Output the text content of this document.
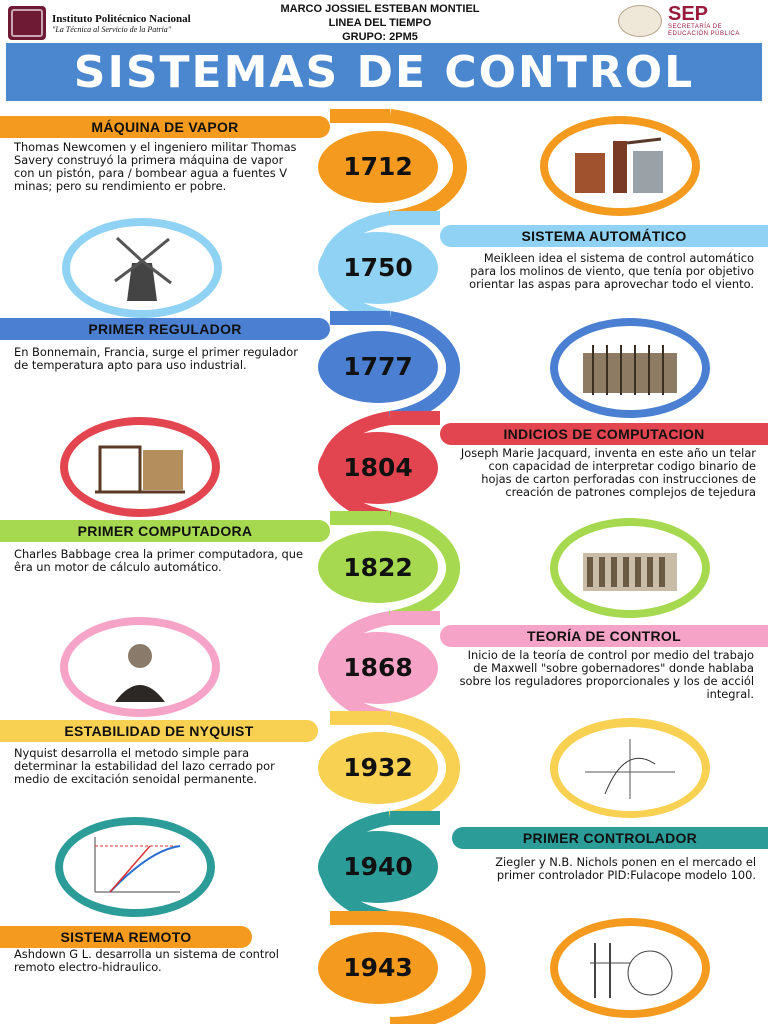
Instituto Politécnico Nacional
"La Técnica al Servicio de la Patria"
MARCO JOSSIEL ESTEBAN MONTIEL
LINEA DEL TIEMPO
GRUPO: 2PM5
SEP
SECRETARÍA DE
EDUCACIÓN PÚBLICA
SISTEMAS DE CONTROL
MÁQUINA DE VAPOR
Thomas Newcomen y el ingeniero militar Thomas Savery construyó la primera máquina de vapor con un pistón, para / bombear agua a fuentes V minas; pero su rendimiento er pobre.
1712
SISTEMA AUTOMÁTICO
Meikleen idea el sistema de control automático para los molinos de viento, que tenía por objetivo orientar las aspas para aprovechar todo el viento.
1750
PRIMER REGULADOR
En Bonnemain, Francia, surge el primer regulador de temperatura apto para uso industrial.	1777
INDICIOS DE COMPUTACION
Joseph Marie Jacquard, inventa en este año un telar con capacidad de interpretar codigo binario de hojas de carton perforadas con instrucciones de creación de patrones complejos de tejedura
1804
PRIMER COMPUTADORA
Charles Babbage crea la primer computadora, que êra un motor de cálculo automático.	1822
TEORÍA DE CONTROL
Inicio de la teoría de control por medio del trabajo de Maxwell "sobre gobernadores" donde hablaba sobre los reguladores proporcionales y los de acciól integral.
1868
ESTABILIDAD DE NYQUIST
Nyquist desarrolla el metodo simple para determinar la estabilidad del lazo cerrado por medio de excitación senoidal permanente.	1932
PRIMER CONTROLADOR
Ziegler y N.B. Nichols ponen en el mercado el primer controlador PID:Fulacope modelo 100.
1940
SISTEMA REMOTO
Ashdown G L. desarrolla un sistema de control remoto electro-hidraulico.	1943
